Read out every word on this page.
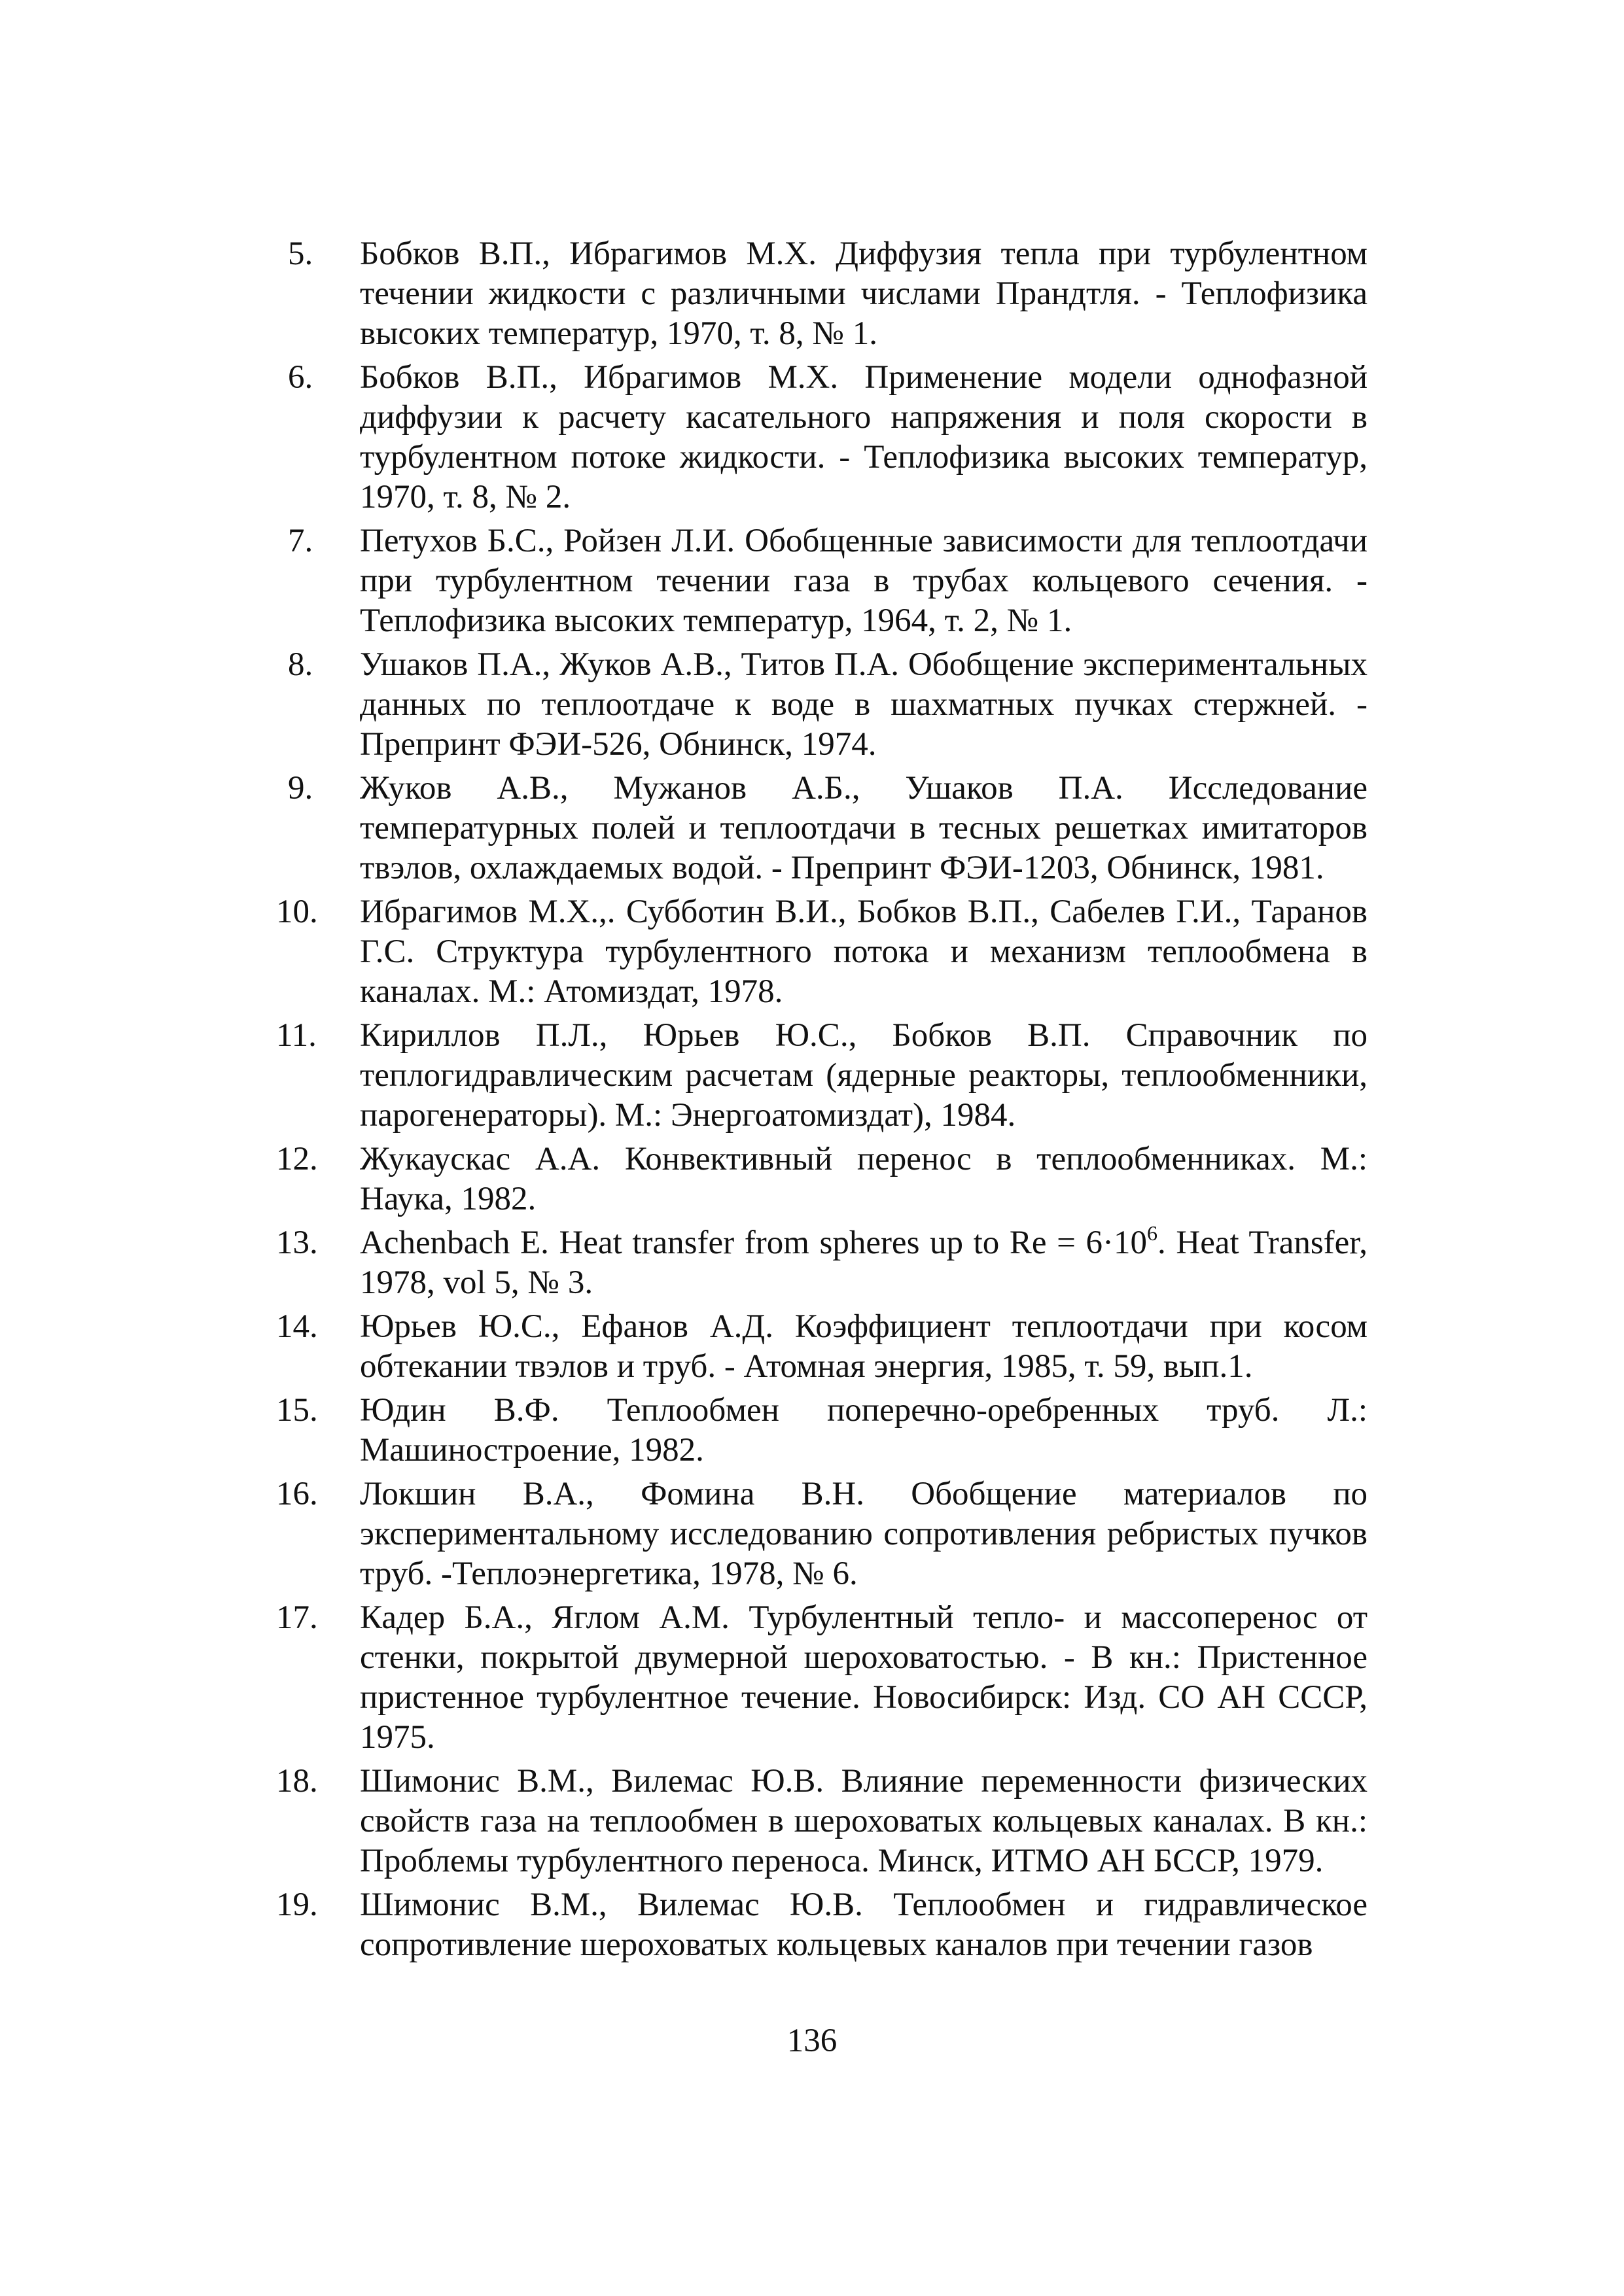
5.	Бобков В.П., Ибрагимов М.Х. Диффузия тепла при турбулентном течении жидкости с различными числами Прандтля. - Теплофизика высоких температур, 1970, т. 8, № 1.
6.	Бобков В.П., Ибрагимов М.Х. Применение модели однофазной диффузии к расчету касательного напряжения и поля скорости в турбулентном потоке жидкости. - Теплофизика высоких температур, 1970, т. 8, № 2.
7.	Петухов Б.С., Ройзен Л.И. Обобщенные зависимости для теплоотдачи при турбулентном течении газа в трубах кольцевого сечения. - Теплофизика высоких температур, 1964, т. 2, № 1.
8.	Ушаков П.А., Жуков А.В., Титов П.А. Обобщение экспериментальных данных по теплоотдаче к воде в шахматных пучках стержней. - Препринт ФЭИ-526, Обнинск, 1974.
9.	Жуков А.В., Мужанов А.Б., Ушаков П.А. Исследование температурных полей и теплоотдачи в тесных решетках имитаторов твэлов, охлаждаемых водой. - Препринт ФЭИ-1203, Обнинск, 1981.
10.	Ибрагимов М.Х.,. Субботин В.И., Бобков В.П., Сабелев Г.И., Таранов Г.С. Структура турбулентного потока и механизм теплообмена в каналах. М.: Атомиздат, 1978.
11.	Кириллов П.Л., Юрьев Ю.С., Бобков В.П. Справочник по теплогидравлическим расчетам (ядерные реакторы, теплообменники, парогенераторы). М.: Энергоатомиздат), 1984.
12.	Жукаускас А.А. Конвективный перенос в теплообменниках. М.: Наука, 1982.
13.	Achenbach E. Heat transfer from spheres up to $Re = 6\cdot 10^6$. Heat Transfer, 1978, vol 5, № 3.
14.	Юрьев Ю.С., Ефанов А.Д. Коэффициент теплоотдачи при косом обтекании твэлов и труб. - Атомная энергия, 1985, т. 59, вып.1.
15.	Юдин В.Ф. Теплообмен поперечно-оребренных труб. Л.: Машиностроение, 1982.
16.	Локшин В.А., Фомина В.Н. Обобщение материалов по экспериментальному исследованию сопротивления ребристых пучков труб. -Теплоэнергетика, 1978, № 6.
17.	Кадер Б.А., Яглом А.М. Турбулентный тепло- и массоперенос от стенки, покрытой двумерной шероховатостью. - В кн.: Пристенное пристенное турбулентное течение. Новосибирск: Изд. СО АН СССР, 1975.
18.	Шимонис В.М., Вилемас Ю.В. Влияние переменности физических свойств газа на теплообмен в шероховатых кольцевых каналах. В кн.: Проблемы турбулентного переноса. Минск, ИТМО АН БССР, 1979.
19.	Шимонис В.М., Вилемас Ю.В. Теплообмен и гидравлическое сопротивление шероховатых кольцевых каналов при течении газов
136
